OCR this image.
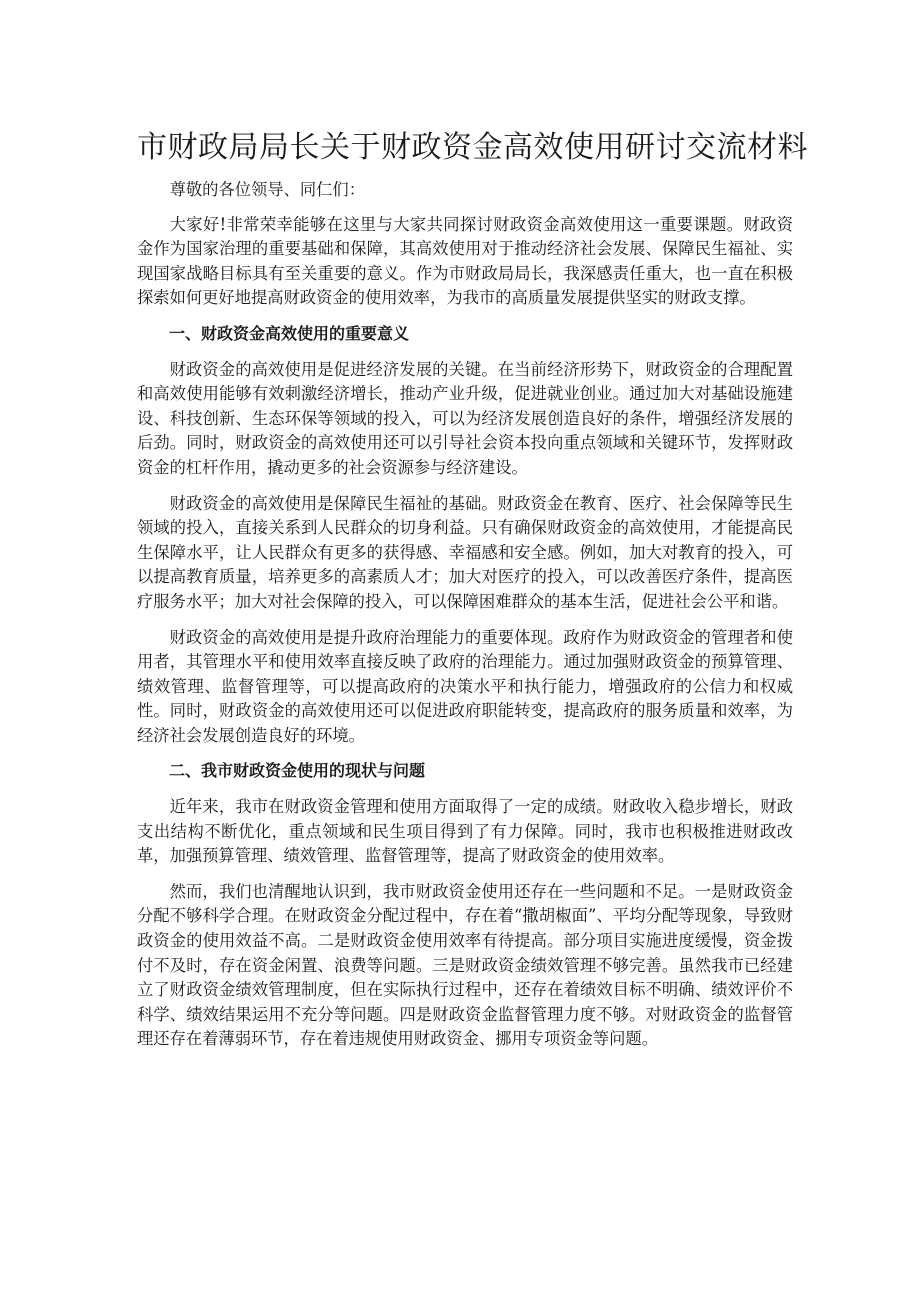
市财政局局长关于财政资金高效使用研讨交流材料

尊敬的各位领导、同仁们：

大家好!非常荣幸能够在这里与大家共同探讨财政资金高效使用这一重要课题。财政资金作为国家治理的重要基础和保障，其高效使用对于推动经济社会发展、保障民生福祉、实现国家战略目标具有至关重要的意义。作为市财政局局长，我深感责任重大，也一直在积极探索如何更好地提高财政资金的使用效率，为我市的高质量发展提供坚实的财政支撑。

一、财政资金高效使用的重要意义

财政资金的高效使用是促进经济发展的关键。在当前经济形势下，财政资金的合理配置和高效使用能够有效刺激经济增长，推动产业升级，促进就业创业。通过加大对基础设施建设、科技创新、生态环保等领域的投入，可以为经济发展创造良好的条件，增强经济发展的后劲。同时，财政资金的高效使用还可以引导社会资本投向重点领域和关键环节，发挥财政资金的杠杆作用，撬动更多的社会资源参与经济建设。

财政资金的高效使用是保障民生福祉的基础。财政资金在教育、医疗、社会保障等民生领域的投入，直接关系到人民群众的切身利益。只有确保财政资金的高效使用，才能提高民生保障水平，让人民群众有更多的获得感、幸福感和安全感。例如，加大对教育的投入，可以提高教育质量，培养更多的高素质人才；加大对医疗的投入，可以改善医疗条件，提高医疗服务水平；加大对社会保障的投入，可以保障困难群众的基本生活，促进社会公平和谐。

财政资金的高效使用是提升政府治理能力的重要体现。政府作为财政资金的管理者和使用者，其管理水平和使用效率直接反映了政府的治理能力。通过加强财政资金的预算管理、绩效管理、监督管理等，可以提高政府的决策水平和执行能力，增强政府的公信力和权威性。同时，财政资金的高效使用还可以促进政府职能转变，提高政府的服务质量和效率，为经济社会发展创造良好的环境。

二、我市财政资金使用的现状与问题

近年来，我市在财政资金管理和使用方面取得了一定的成绩。财政收入稳步增长，财政支出结构不断优化，重点领域和民生项目得到了有力保障。同时，我市也积极推进财政改革，加强预算管理、绩效管理、监督管理等，提高了财政资金的使用效率。

然而，我们也清醒地认识到，我市财政资金使用还存在一些问题和不足。一是财政资金分配不够科学合理。在财政资金分配过程中，存在着“撒胡椒面”、平均分配等现象，导致财政资金的使用效益不高。二是财政资金使用效率有待提高。部分项目实施进度缓慢，资金拨付不及时，存在资金闲置、浪费等问题。三是财政资金绩效管理不够完善。虽然我市已经建立了财政资金绩效管理制度，但在实际执行过程中，还存在着绩效目标不明确、绩效评价不科学、绩效结果运用不充分等问题。四是财政资金监督管理力度不够。对财政资金的监督管理还存在着薄弱环节，存在着违规使用财政资金、挪用专项资金等问题。
